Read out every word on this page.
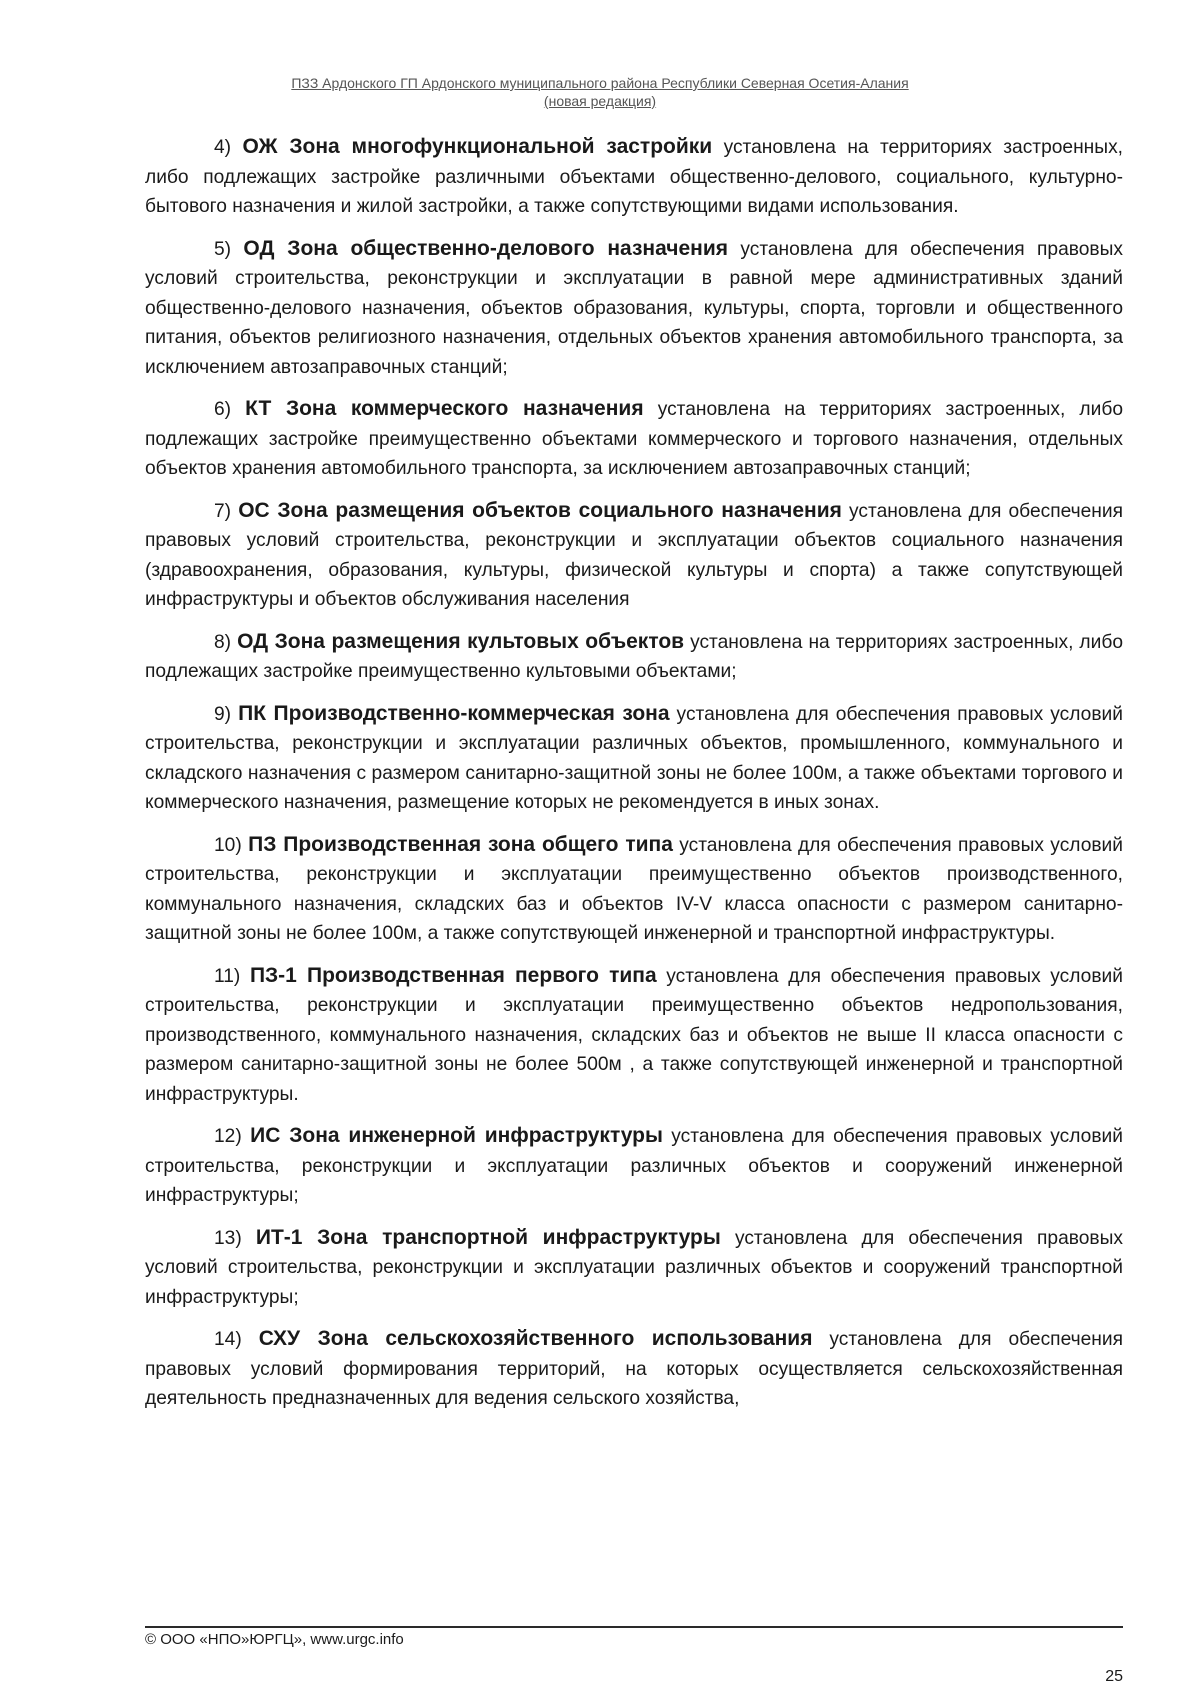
ПЗЗ Ардонского ГП Ардонского муниципального района Республики Северная Осетия-Алания
(новая редакция)

4) ОЖ Зона многофункциональной застройки установлена на территориях застроенных, либо подлежащих застройке различными объектами общественно-делового, социального, культурно-бытового назначения и жилой застройки, а также сопутствующими видами использования.

5) ОД Зона общественно-делового назначения установлена для обеспечения правовых условий строительства, реконструкции и эксплуатации в равной мере административных зданий общественно-делового назначения, объектов образования, культуры, спорта, торговли и общественного питания, объектов религиозного назначения, отдельных объектов хранения автомобильного транспорта, за исключением автозаправочных станций;

6) КТ Зона коммерческого назначения установлена на территориях застроенных, либо подлежащих застройке преимущественно объектами коммерческого и торгового назначения, отдельных объектов хранения автомобильного транспорта, за исключением автозаправочных станций;

7) ОС Зона размещения объектов социального назначения установлена для обеспечения правовых условий строительства, реконструкции и эксплуатации объектов социального назначения (здравоохранения, образования, культуры, физической культуры и спорта) а также сопутствующей инфраструктуры и объектов обслуживания населения

8) ОД Зона размещения культовых объектов установлена на территориях застроенных, либо подлежащих застройке преимущественно культовыми объектами;

9) ПК Производственно-коммерческая зона установлена для обеспечения правовых условий строительства, реконструкции и эксплуатации различных объектов, промышленного, коммунального и складского назначения с размером санитарно-защитной зоны не более 100м, а также объектами торгового и коммерческого назначения, размещение которых не рекомендуется в иных зонах.

10) ПЗ Производственная зона общего типа установлена для обеспечения правовых условий строительства, реконструкции и эксплуатации преимущественно объектов производственного, коммунального назначения, складских баз и объектов IV-V класса опасности с размером санитарно-защитной зоны не более 100м, а также сопутствующей инженерной и транспортной инфраструктуры.

11) ПЗ-1 Производственная первого типа установлена для обеспечения правовых условий строительства, реконструкции и эксплуатации преимущественно объектов недропользования, производственного, коммунального назначения, складских баз и объектов не выше II класса опасности с размером санитарно-защитной зоны не более 500м , а также сопутствующей инженерной и транспортной инфраструктуры.

12) ИС Зона инженерной инфраструктуры установлена для обеспечения правовых условий строительства, реконструкции и эксплуатации различных объектов и сооружений инженерной инфраструктуры;

13) ИТ-1 Зона транспортной инфраструктуры установлена для обеспечения правовых условий строительства, реконструкции и эксплуатации различных объектов и сооружений транспортной инфраструктуры;

14) СХУ Зона сельскохозяйственного использования установлена для обеспечения правовых условий формирования территорий, на которых осуществляется сельскохозяйственная деятельность предназначенных для ведения сельского хозяйства,

© ООО «НПО»ЮРГЦ», www.urgc.info
25
